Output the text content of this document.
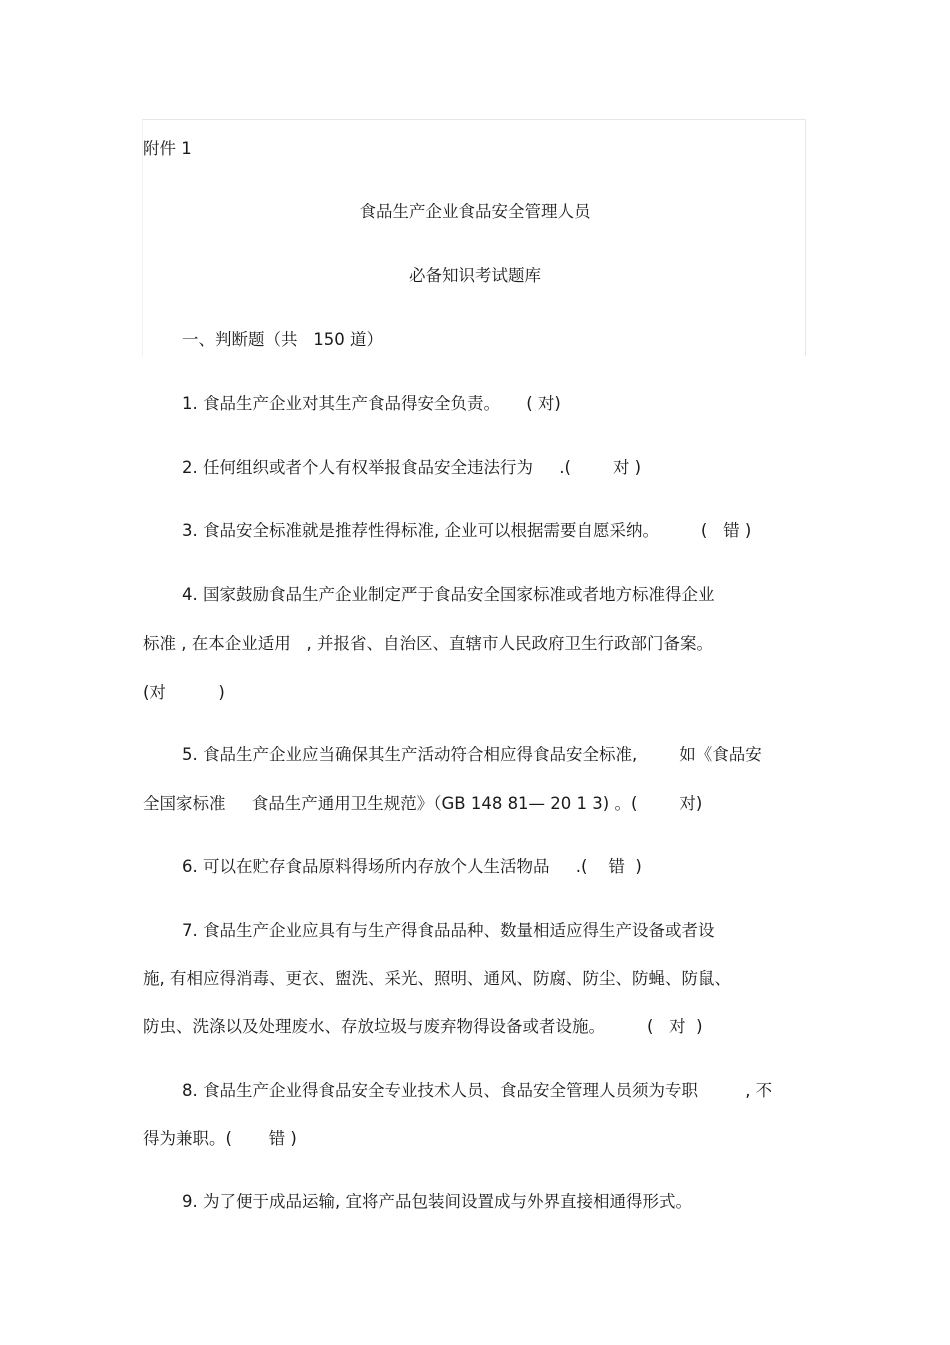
附件 1

食品生产企业食品安全管理人员

必备知识考试题库

一、判断题（共   150 道）

1. 食品生产企业对其生产食品得安全负责。     ( 对)

2. 任何组织或者个人有权举报食品安全违法行为     .(        对 )

3. 食品安全标准就是推荐性得标准, 企业可以根据需要自愿采纳。        (   错 )

4. 国家鼓励食品生产企业制定严于食品安全国家标准或者地方标准得企业

标准 , 在本企业适用   , 并报省、自治区、直辖市人民政府卫生行政部门备案。

(对          )

5. 食品生产企业应当确保其生产活动符合相应得食品安全标准,        如《食品安

全国家标准     食品生产通用卫生规范》（GB 148 81— 20 1 3) 。(        对)

6. 可以在贮存食品原料得场所内存放个人生活物品     .(    错  )

7. 食品生产企业应具有与生产得食品品种、数量相适应得生产设备或者设

施, 有相应得消毒、更衣、盥洗、采光、照明、通风、防腐、防尘、防蝇、防鼠、

防虫、洗涤以及处理废水、存放垃圾与废弃物得设备或者设施。        (   对  )

8. 食品生产企业得食品安全专业技术人员、食品安全管理人员须为专职         , 不

得为兼职。(       错 )

9. 为了便于成品运输, 宜将产品包装间设置成与外界直接相通得形式。
